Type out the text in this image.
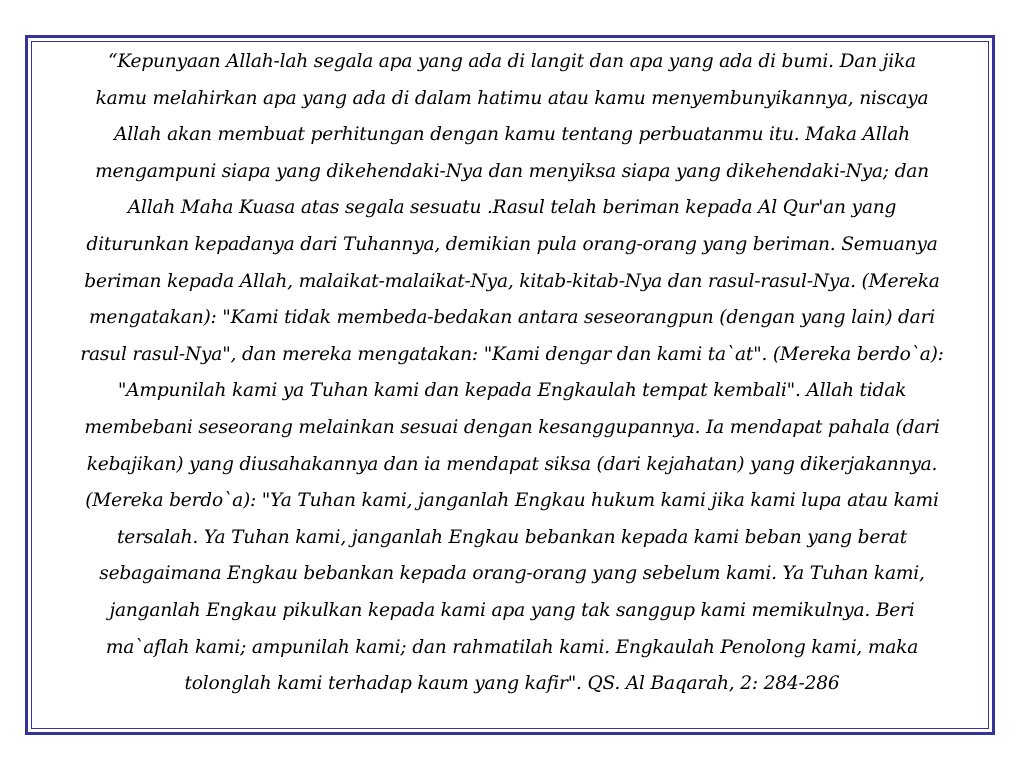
“Kepunyaan Allah-lah segala apa yang ada di langit dan apa yang ada di bumi. Dan jika
kamu melahirkan apa yang ada di dalam hatimu atau kamu menyembunyikannya, niscaya
Allah akan membuat perhitungan dengan kamu tentang perbuatanmu itu. Maka Allah
mengampuni siapa yang dikehendaki-Nya dan menyiksa siapa yang dikehendaki-Nya; dan
Allah Maha Kuasa atas segala sesuatu .Rasul telah beriman kepada Al Qur'an yang
diturunkan kepadanya dari Tuhannya, demikian pula orang-orang yang beriman. Semuanya
beriman kepada Allah, malaikat-malaikat-Nya, kitab-kitab-Nya dan rasul-rasul-Nya. (Mereka
mengatakan): "Kami tidak membeda-bedakan antara seseorangpun (dengan yang lain) dari
rasul rasul-Nya", dan mereka mengatakan: "Kami dengar dan kami ta`at". (Mereka berdo`a):
"Ampunilah kami ya Tuhan kami dan kepada Engkaulah tempat kembali". Allah tidak
membebani seseorang melainkan sesuai dengan kesanggupannya. Ia mendapat pahala (dari
kebajikan) yang diusahakannya dan ia mendapat siksa (dari kejahatan) yang dikerjakannya.
(Mereka berdo`a): "Ya Tuhan kami, janganlah Engkau hukum kami jika kami lupa atau kami
tersalah. Ya Tuhan kami, janganlah Engkau bebankan kepada kami beban yang berat
sebagaimana Engkau bebankan kepada orang-orang yang sebelum kami. Ya Tuhan kami,
janganlah Engkau pikulkan kepada kami apa yang tak sanggup kami memikulnya. Beri
ma`aflah kami; ampunilah kami; dan rahmatilah kami. Engkaulah Penolong kami, maka
tolonglah kami terhadap kaum yang kafir". QS. Al Baqarah, 2: 284-286
